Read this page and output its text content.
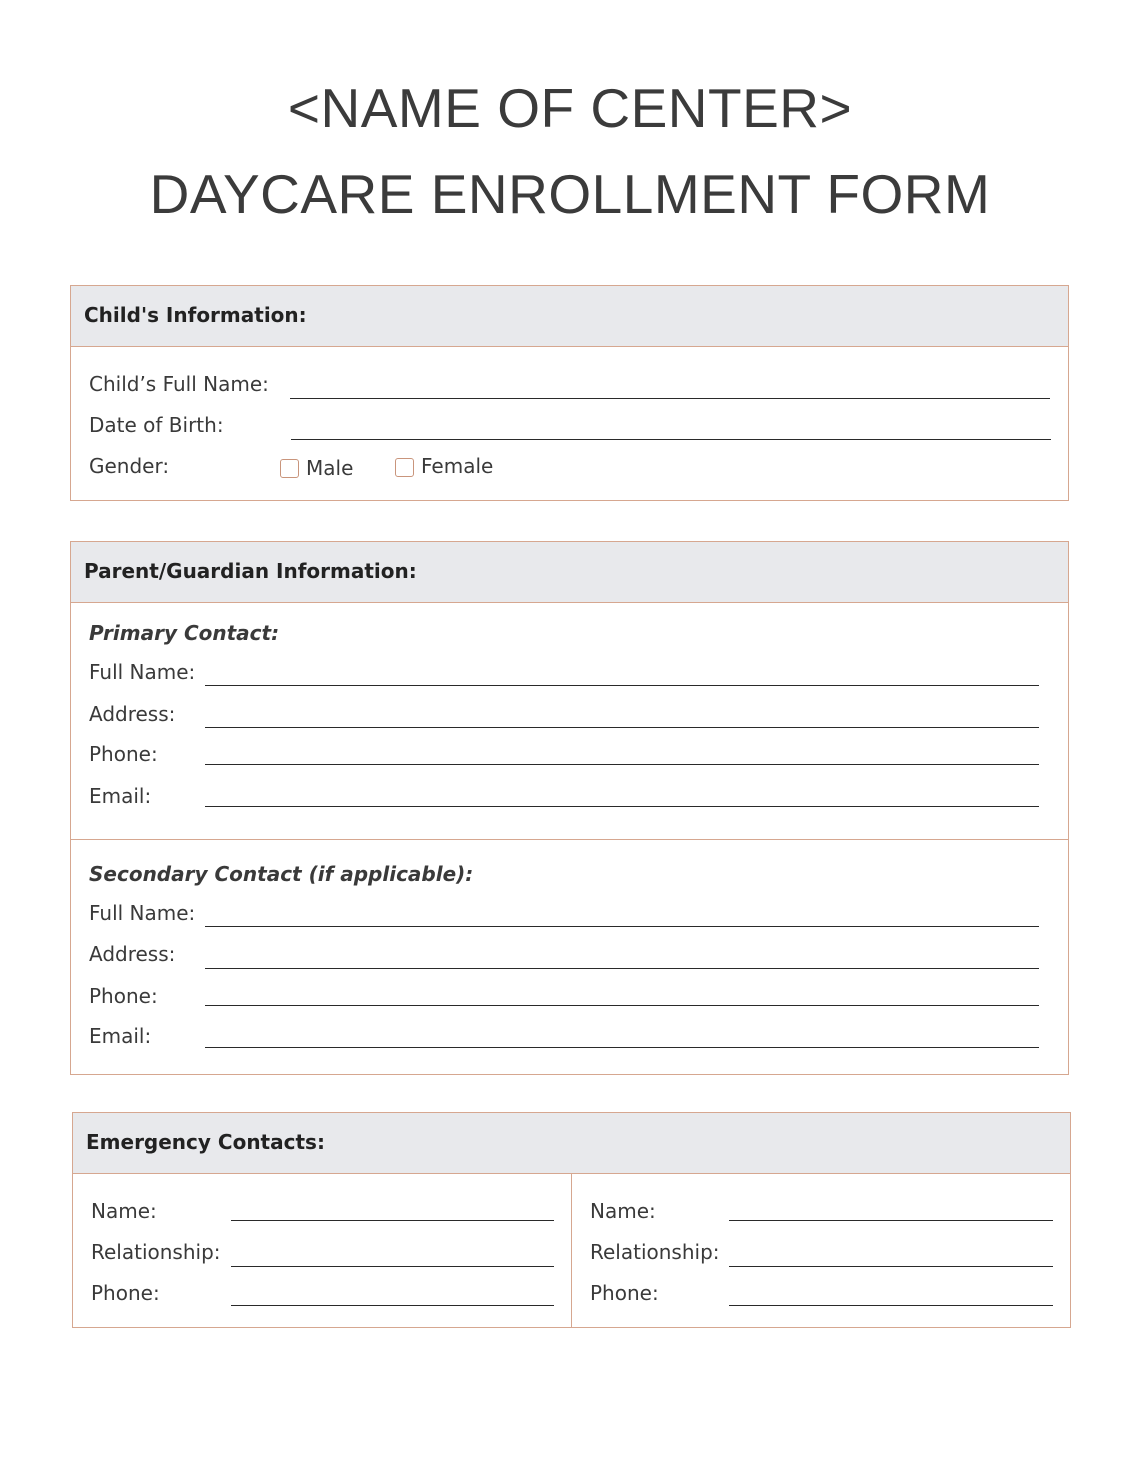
<NAME OF CENTER>
DAYCARE ENROLLMENT FORM
Child's Information:
Child’s Full Name:
Date of Birth:
Gender:	Male	Female
Parent/Guardian Information:
Primary Contact:
Full Name:
Address:
Phone:
Email:
Secondary Contact (if applicable):
Full Name:
Address:
Phone:
Email:
Emergency Contacts:
Name:
Relationship:
Phone:
Name:
Relationship:
Phone:
